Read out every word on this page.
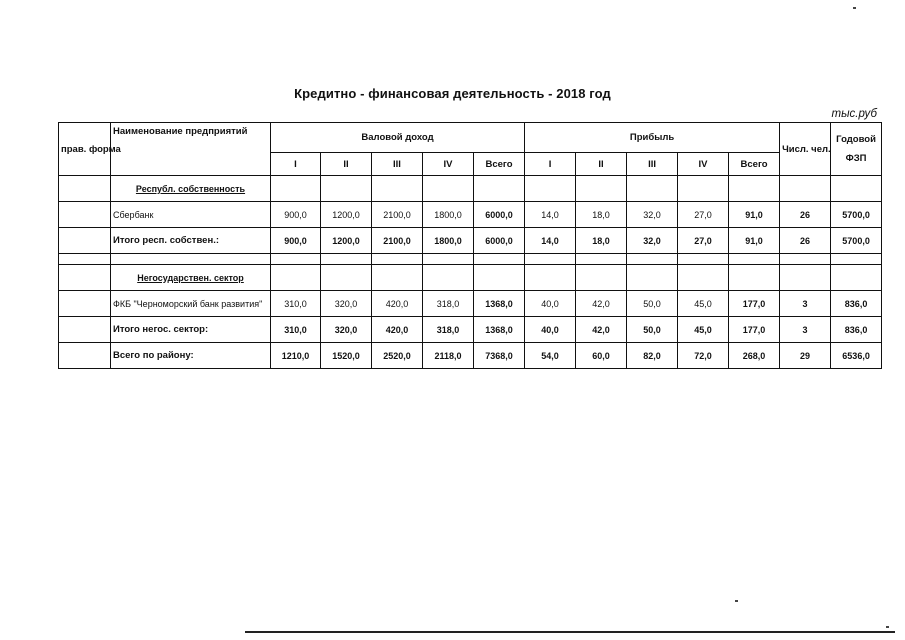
Кредитно - финансовая деятельность - 2018 год
тыс.руб
прав. форма	Наименование предприятий	Валовой доход					Прибыль					Числ. чел.	Годовой ФЗП
		I	II	III	IV	Всего	I	II	III	IV	Всего		
	Республ. собственность												
	Сбербанк	900,0	1200,0	2100,0	1800,0	6000,0	14,0	18,0	32,0	27,0	91,0	26	5700,0
	Итого респ. собствен.:	900,0	1200,0	2100,0	1800,0	6000,0	14,0	18,0	32,0	27,0	91,0	26	5700,0

	Негосударствен. сектор												
	ФКБ "Черноморский банк развития"	310,0	320,0	420,0	318,0	1368,0	40,0	42,0	50,0	45,0	177,0	3	836,0
	Итого негос. сектор:	310,0	320,0	420,0	318,0	1368,0	40,0	42,0	50,0	45,0	177,0	3	836,0
	Всего по району:	1210,0	1520,0	2520,0	2118,0	7368,0	54,0	60,0	82,0	72,0	268,0	29	6536,0
